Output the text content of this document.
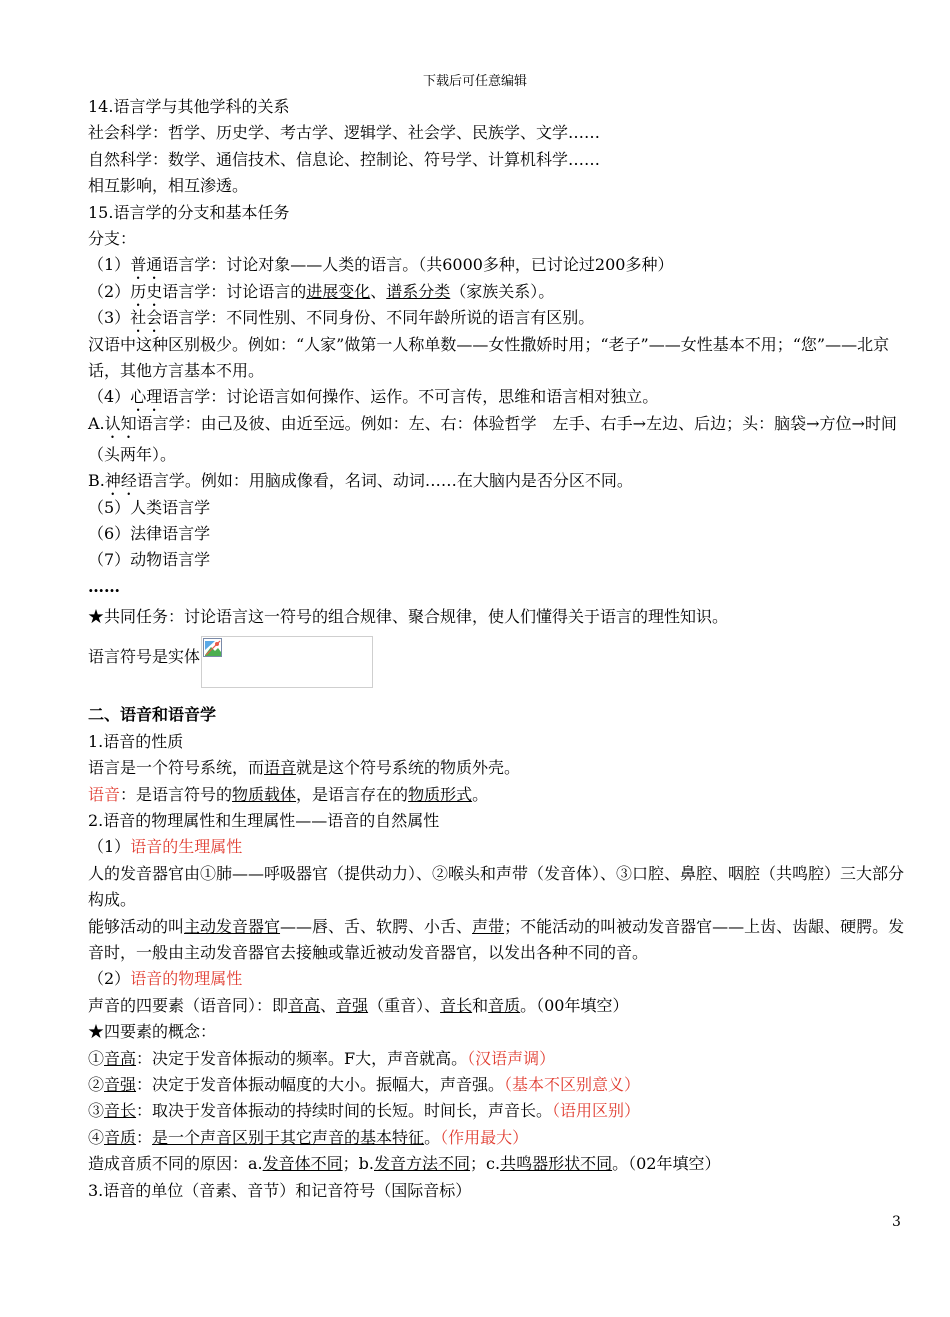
下载后可任意编辑
14.语言学与其他学科的关系
社会科学：哲学、历史学、考古学、逻辑学、社会学、民族学、文学……
自然科学：数学、通信技术、信息论、控制论、符号学、计算机科学……
相互影响，相互渗透。
15.语言学的分支和基本任务
分支：
（1）普通语言学：讨论对象——人类的语言。（共6000多种，已讨论过200多种）
（2）历史语言学：讨论语言的进展变化、谱系分类（家族关系）。
（3）社会语言学：不同性别、不同身份、不同年龄所说的语言有区别。
汉语中这种区别极少。例如：“人家”做第一人称单数——女性撒娇时用；“老子”——女性基本不用；“您”——北京话，其他方言基本不用。
（4）心理语言学：讨论语言如何操作、运作。不可言传，思维和语言相对独立。
A.认知语言学：由己及彼、由近至远。例如：左、右：体验哲学　左手、右手→左边、后边；头：脑袋→方位→时间（头两年）。
B.神经语言学。例如：用脑成像看，名词、动词……在大脑内是否分区不同。
（5）人类语言学
（6）法律语言学
（7）动物语言学
……
★共同任务：讨论语言这一符号的组合规律、聚合规律，使人们懂得关于语言的理性知识。
语言符号是实体
二、语音和语音学
1.语音的性质
语言是一个符号系统，而语音就是这个符号系统的物质外壳。
语音：是语言符号的物质载体，是语言存在的物质形式。
2.语音的物理属性和生理属性——语音的自然属性
（1）语音的生理属性
人的发音器官由①肺——呼吸器官（提供动力）、②喉头和声带（发音体）、③口腔、鼻腔、咽腔（共鸣腔）三大部分构成。
能够活动的叫主动发音器官——唇、舌、软腭、小舌、声带；不能活动的叫被动发音器官——上齿、齿龈、硬腭。发音时，一般由主动发音器官去接触或靠近被动发音器官，以发出各种不同的音。
（2）语音的物理属性
声音的四要素（语音同）：即音高、音强（重音）、音长和音质。（00年填空）
★四要素的概念：
①音高：决定于发音体振动的频率。F大，声音就高。（汉语声调）
②音强：决定于发音体振动幅度的大小。振幅大，声音强。（基本不区别意义）
③音长：取决于发音体振动的持续时间的长短。时间长，声音长。（语用区别）
④音质：是一个声音区别于其它声音的基本特征。（作用最大）
造成音质不同的原因：a.发音体不同；b.发音方法不同；c.共鸣器形状不同。（02年填空）
3.语音的单位（音素、音节）和记音符号（国际音标）
3
